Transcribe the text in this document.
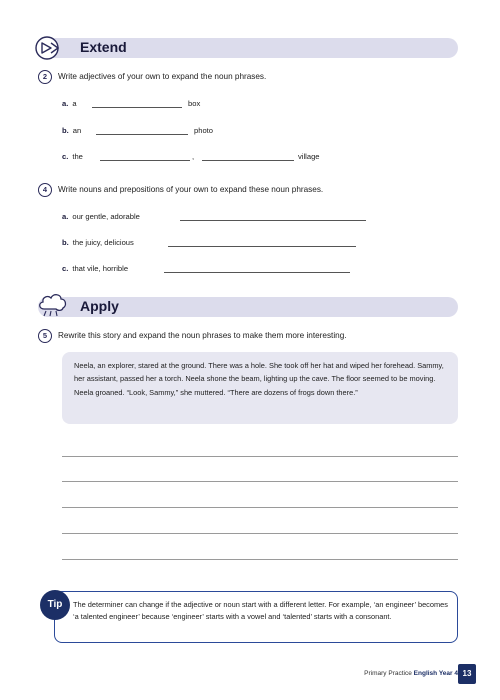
Extend
2	Write adjectives of your own to expand the noun phrases.
a. a	box
b. an	photo
c. the	,	village
4	Write nouns and prepositions of your own to expand these noun phrases.
a. our gentle, adorable
b. the juicy, delicious
c. that vile, horrible
Apply
5	Rewrite this story and expand the noun phrases to make them more interesting.

Neela, an explorer, stared at the ground. There was a hole. She took off her hat and wiped her forehead. Sammy, her assistant, passed her a torch. Neela shone the beam, lighting up the cave. The floor seemed to be moving. Neela groaned. “Look, Sammy,” she muttered. “There are dozens of frogs down there.”

The determiner can change if the adjective or noun start with a different letter. For example, ‘an engineer’ becomes ‘a talented engineer’ because ‘engineer’ starts with a vowel and ‘talented’ starts with a consonant.

Tip
Primary Practice English Year 4 13
